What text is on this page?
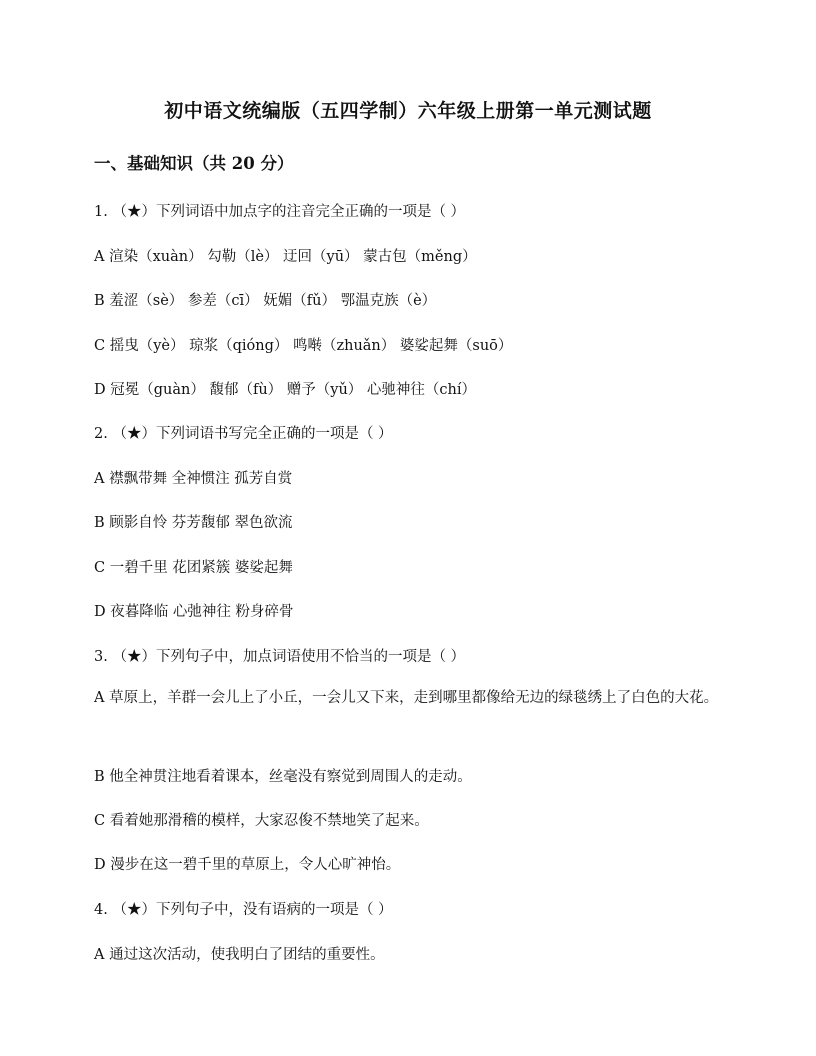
初中语文统编版（五四学制）六年级上册第一单元测试题
一、基础知识（共 20 分）
1. （★）下列词语中加点字的注音完全正确的一项是（ ）
A 渲染（xuàn） 勾勒（lè） 迂回（yū） 蒙古包（měng）
B 羞涩（sè） 参差（cī） 妩媚（fǔ） 鄂温克族（è）
C 摇曳（yè） 琼浆（qióng） 鸣啭（zhuǎn） 婆娑起舞（suō）
D 冠冕（guàn） 馥郁（fù） 赠予（yǔ） 心驰神往（chí）
2. （★）下列词语书写完全正确的一项是（ ）
A 襟飘带舞 全神惯注 孤芳自赏
B 顾影自怜 芬芳馥郁 翠色欲流
C 一碧千里 花团紧簇 婆娑起舞
D 夜暮降临 心弛神往 粉身碎骨
3. （★）下列句子中，加点词语使用不恰当的一项是（ ）
A 草原上，羊群一会儿上了小丘，一会儿又下来，走到哪里都像给无边的绿毯绣上了白色的大花。
B 他全神贯注地看着课本，丝毫没有察觉到周围人的走动。
C 看着她那滑稽的模样，大家忍俊不禁地笑了起来。
D 漫步在这一碧千里的草原上，令人心旷神怡。
4. （★）下列句子中，没有语病的一项是（ ）
A 通过这次活动，使我明白了团结的重要性。
